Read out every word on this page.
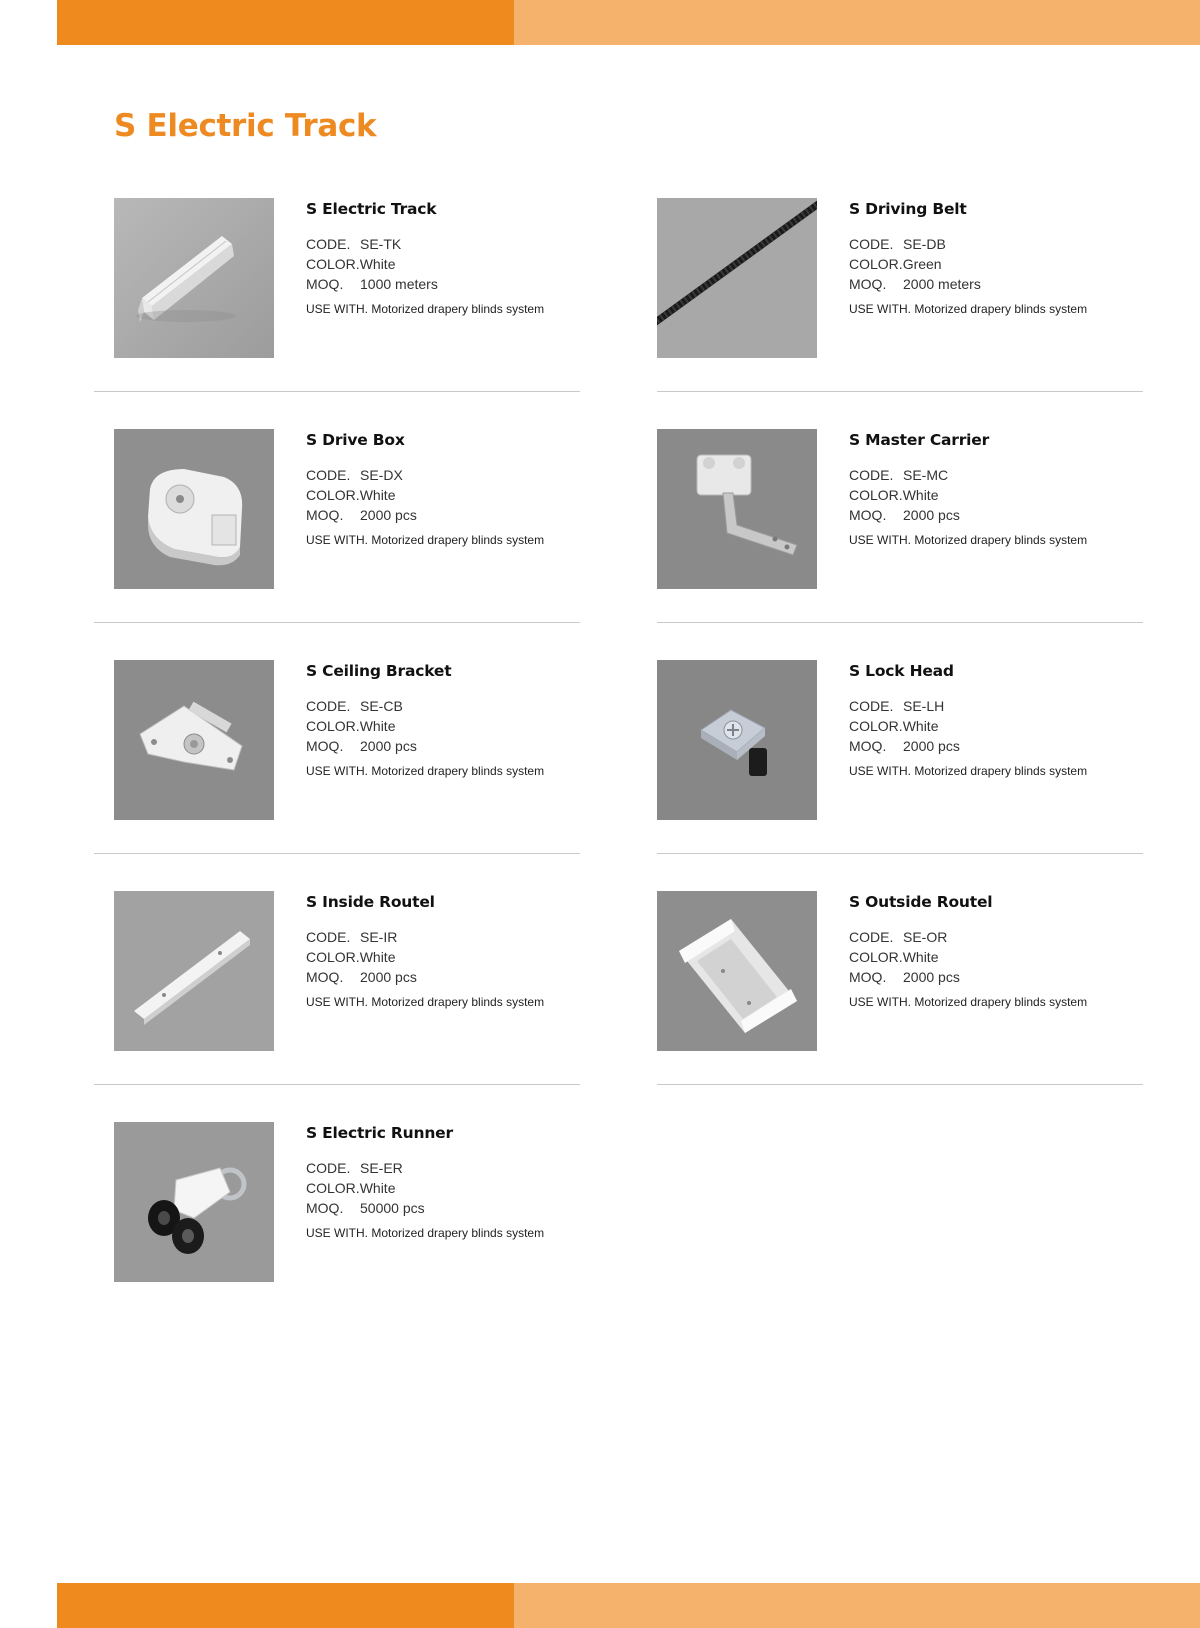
S Electric Track
S Electric Track
CODE. SE-TK
COLOR.White
MOQ. 1000 meters
USE WITH. Motorized drapery blinds system
S Driving Belt
CODE. SE-DB
COLOR.Green
MOQ. 2000 meters
USE WITH. Motorized drapery blinds system
S Drive Box
CODE. SE-DX
COLOR.White
MOQ. 2000 pcs
USE WITH. Motorized drapery blinds system
S Master Carrier
CODE. SE-MC
COLOR.White
MOQ. 2000 pcs
USE WITH. Motorized drapery blinds system
S Ceiling Bracket
CODE. SE-CB
COLOR.White
MOQ. 2000 pcs
USE WITH. Motorized drapery blinds system
S Lock Head
CODE. SE-LH
COLOR.White
MOQ. 2000 pcs
USE WITH. Motorized drapery blinds system
S Inside Routel
CODE. SE-IR
COLOR.White
MOQ. 2000 pcs
USE WITH. Motorized drapery blinds system
S Outside Routel
CODE. SE-OR
COLOR.White
MOQ. 2000 pcs
USE WITH. Motorized drapery blinds system
S Electric Runner
CODE. SE-ER
COLOR.White
MOQ. 50000 pcs
USE WITH. Motorized drapery blinds system
